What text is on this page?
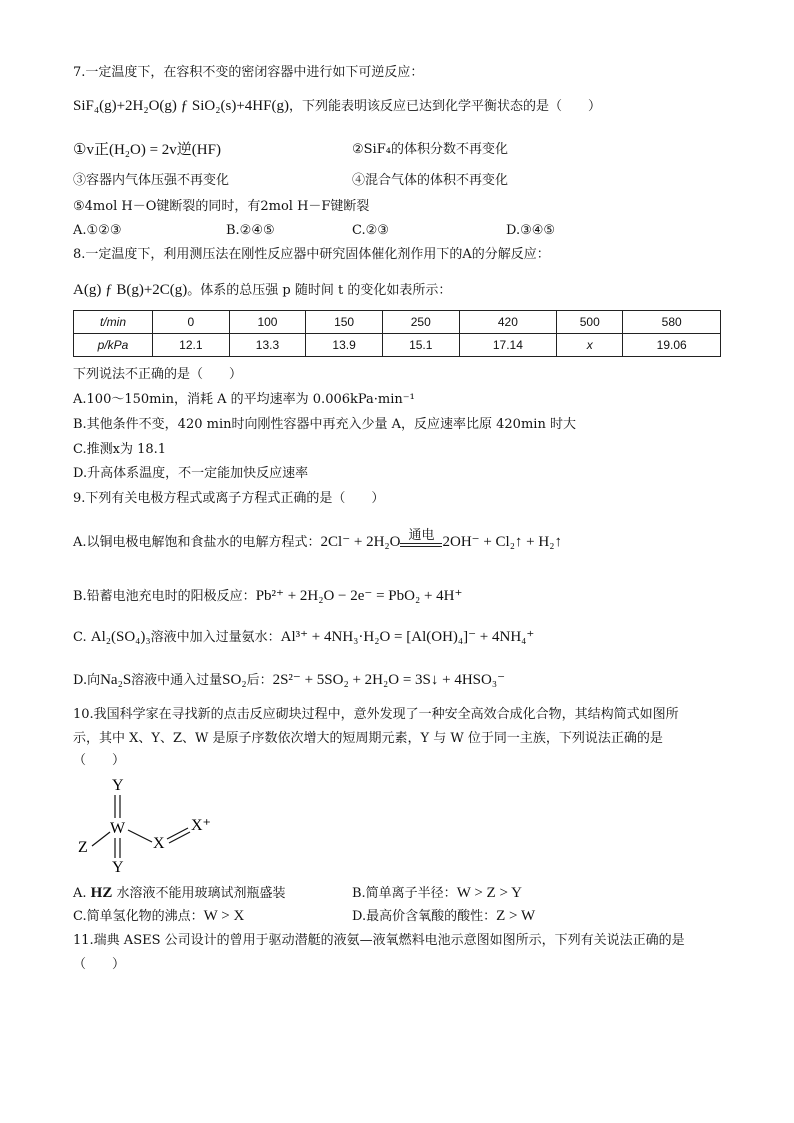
7.一定温度下，在容积不变的密闭容器中进行如下可逆反应：
SiF₄(g)+2H₂O(g) ƒ SiO₂(s)+4HF(g)，下列能表明该反应已达到化学平衡状态的是（　　）
①v正(H₂O) = 2v逆(HF)	②SiF₄的体积分数不再变化
③容器内气体压强不再变化	④混合气体的体积不再变化
⑤4mol H－O键断裂的同时，有2mol H－F键断裂
A.①②③	B.②④⑤	C.②③	D.③④⑤
8.一定温度下，利用测压法在刚性反应器中研究固体催化剂作用下的A的分解反应：
A(g) ƒ B(g)+2C(g)。体系的总压强 p 随时间 t 的变化如表所示：
t/min	0	100	150	250	420	500	580
p/kPa	12.1	13.3	13.9	15.1	17.14	x	19.06
下列说法不正确的是（　　）
A.100～150min，消耗 A 的平均速率为 0.006kPa·min⁻¹
B.其他条件不变，420 min时向刚性容器中再充入少量 A，反应速率比原 420min 时大
C.推测x为 18.1
D.升高体系温度，不一定能加快反应速率
9.下列有关电极方程式或离子方程式正确的是（　　）
A.以铜电极电解饱和食盐水的电解方程式：2Cl⁻ + 2H₂O 通电 2OH⁻ + Cl₂↑ + H₂↑
B.铅蓄电池充电时的阳极反应：Pb²⁺ + 2H₂O − 2e⁻ = PbO₂ + 4H⁺
C. Al₂(SO₄)₃溶液中加入过量氨水：Al³⁺ + 4NH₃·H₂O = [Al(OH)₄]⁻ + 4NH₄⁺
D.向Na₂S溶液中通入过量SO₂后：2S²⁻ + 5SO₂ + 2H₂O = 3S↓ + 4HSO₃⁻
10.我国科学家在寻找新的点击反应砌块过程中，意外发现了一种安全高效合成化合物，其结构简式如图所
示，其中 X、Y、Z、W 是原子序数依次增大的短周期元素，Y 与 W 位于同一主族，下列说法正确的是
（　　）
Y
W
Y
Z	X
X⁺
A. HZ 水溶液不能用玻璃试剂瓶盛装	B.简单离子半径：W > Z > Y
C.简单氢化物的沸点：W > X	D.最高价含氧酸的酸性：Z > W
11.瑞典 ASES 公司设计的曾用于驱动潜艇的液氨—液氧燃料电池示意图如图所示，下列有关说法正确的是
（　　）
